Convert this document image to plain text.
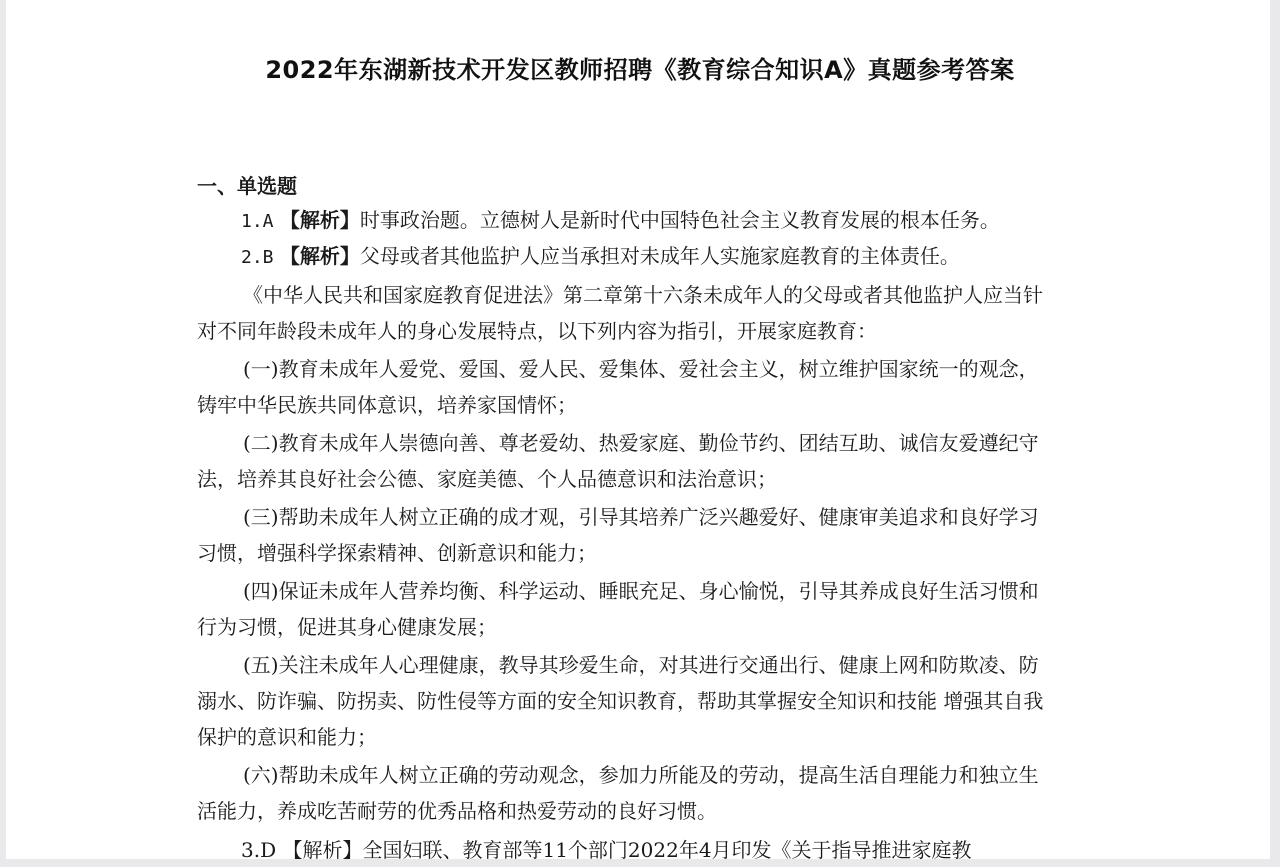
2022年东湖新技术开发区教师招聘《教育综合知识A》真题参考答案

一、单选题

1.A 【解析】时事政治题。立德树人是新时代中国特色社会主义教育发展的根本任务。

2.B 【解析】父母或者其他监护人应当承担对未成年人实施家庭教育的主体责任。

《中华人民共和国家庭教育促进法》第二章第十六条未成年人的父母或者其他监护人应当针对不同年龄段未成年人的身心发展特点，以下列内容为指引，开展家庭教育：

(一)教育未成年人爱党、爱国、爱人民、爱集体、爱社会主义，树立维护国家统一的观念，铸牢中华民族共同体意识，培养家国情怀；

(二)教育未成年人崇德向善、尊老爱幼、热爱家庭、勤俭节约、团结互助、诚信友爱遵纪守法，培养其良好社会公德、家庭美德、个人品德意识和法治意识；

(三)帮助未成年人树立正确的成才观，引导其培养广泛兴趣爱好、健康审美追求和良好学习习惯，增强科学探索精神、创新意识和能力；

(四)保证未成年人营养均衡、科学运动、睡眠充足、身心愉悦，引导其养成良好生活习惯和行为习惯，促进其身心健康发展；

(五)关注未成年人心理健康，教导其珍爱生命，对其进行交通出行、健康上网和防欺凌、防溺水、防诈骗、防拐卖、防性侵等方面的安全知识教育，帮助其掌握安全知识和技能 增强其自我保护的意识和能力；

(六)帮助未成年人树立正确的劳动观念，参加力所能及的劳动，提高生活自理能力和独立生活能力，养成吃苦耐劳的优秀品格和热爱劳动的良好习惯。

3.D 【解析】全国妇联、教育部等11个部门2022年4月印发《关于指导推进家庭教
